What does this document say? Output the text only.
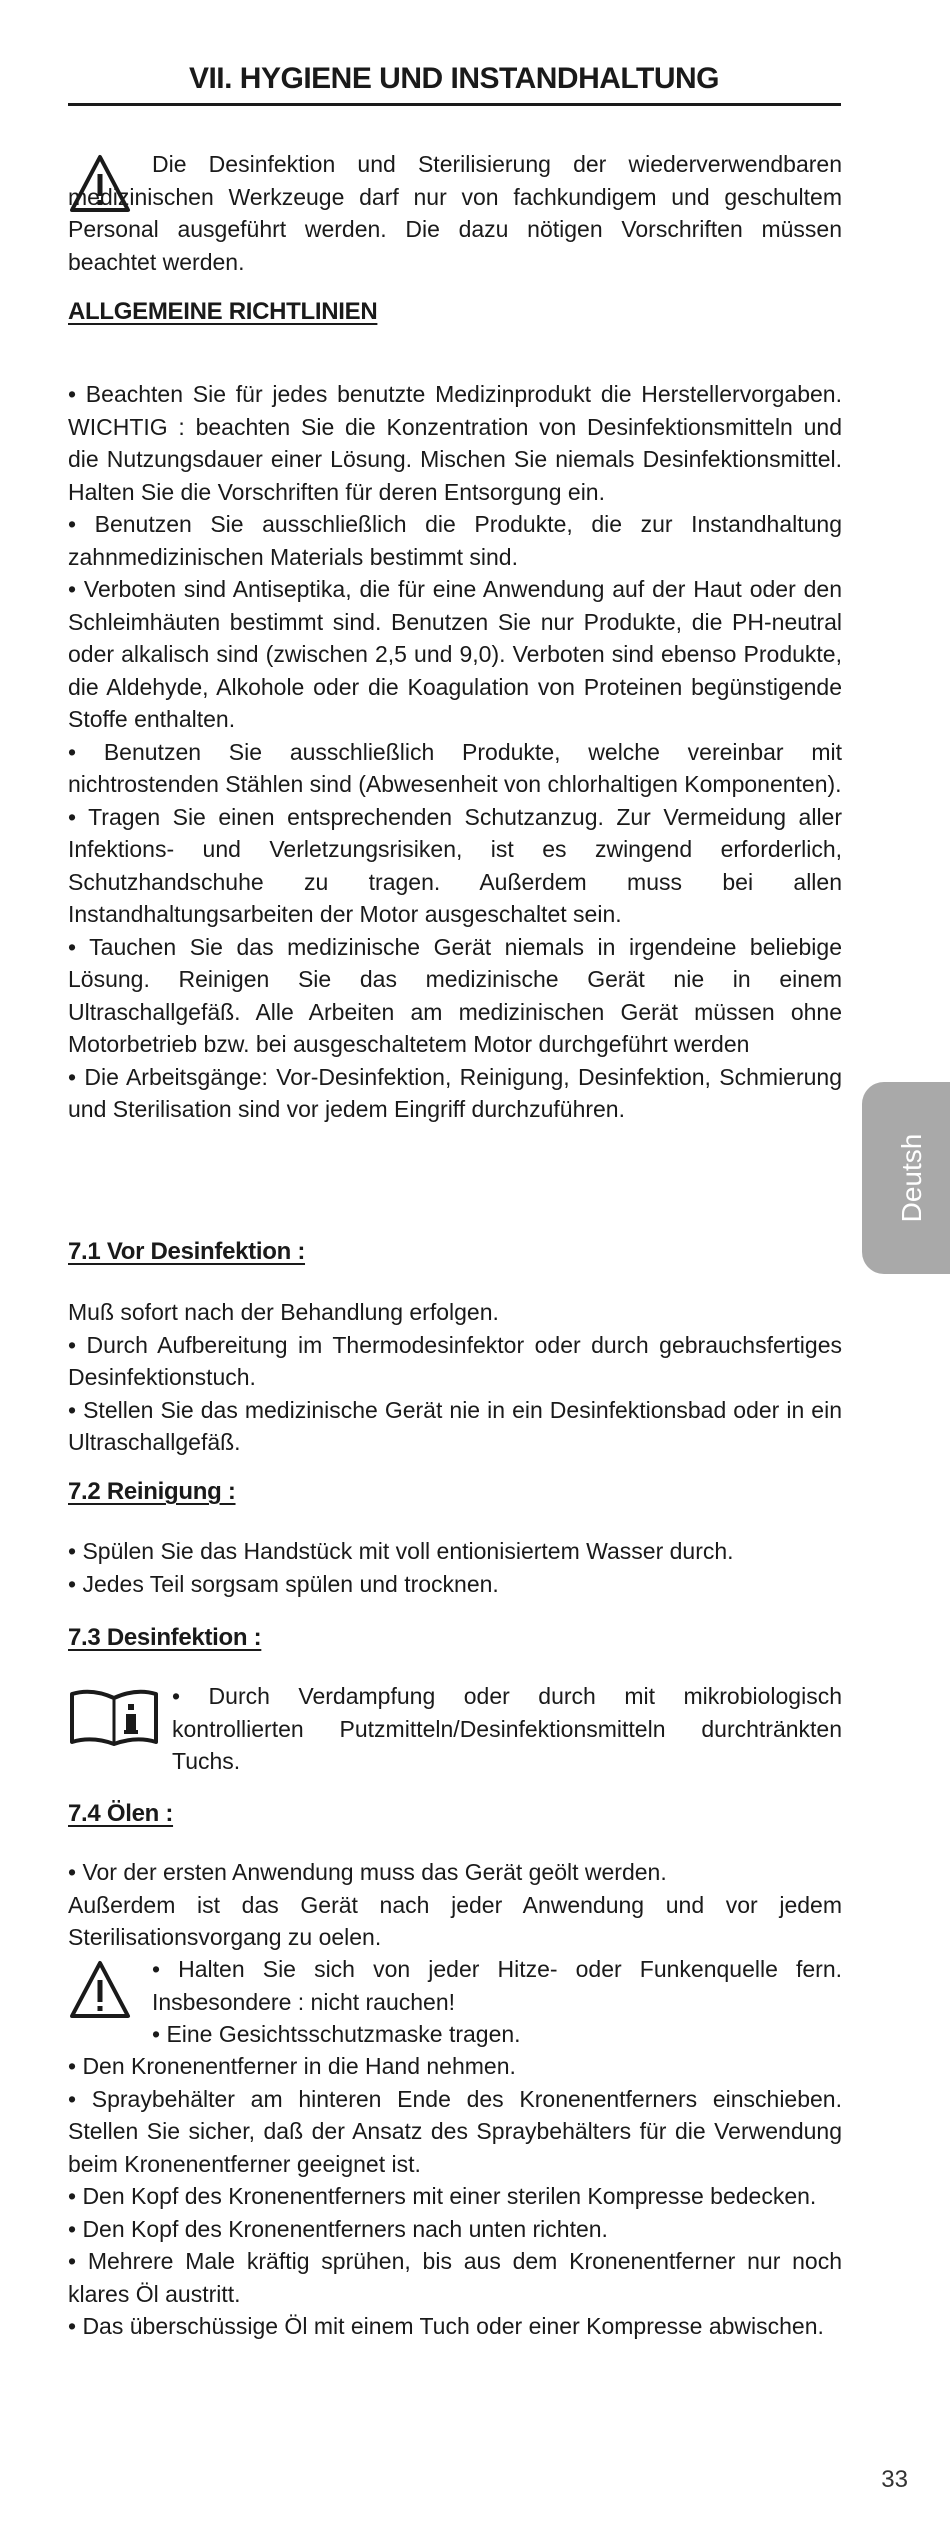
VII. HYGIENE UND INSTANDHALTUNG

Die Desinfektion und Sterilisierung der wiederverwendbaren medizinischen Werkzeuge darf nur von fachkundigem und geschultem Personal ausgeführt werden. Die dazu nötigen Vorschriften müssen beachtet werden.

ALLGEMEINE RICHTLINIEN

• Beachten Sie für jedes benutzte Medizinprodukt die Herstellervorgaben. WICHTIG : beachten Sie die Konzentration von Desinfektionsmitteln und die Nutzungsdauer einer Lösung. Mischen Sie niemals Desinfektionsmittel. Halten Sie die Vorschriften für deren Entsorgung ein.

• Benutzen Sie ausschließlich die Produkte, die zur Instandhaltung zahnmedizinischen Materials bestimmt sind.

• Verboten sind Antiseptika, die für eine Anwendung auf der Haut oder den Schleimhäuten bestimmt sind. Benutzen Sie nur Produkte, die PH-neutral oder alkalisch sind (zwischen 2,5 und 9,0). Verboten sind ebenso Produkte, die Aldehyde, Alkohole oder die Koagulation von Proteinen begünstigende Stoffe enthalten.

• Benutzen Sie ausschließlich Produkte, welche vereinbar mit nichtrostenden Stählen sind (Abwesenheit von chlorhaltigen Komponenten).

• Tragen Sie einen entsprechenden Schutzanzug. Zur Vermeidung aller Infektions- und Verletzungsrisiken, ist es zwingend erforderlich, Schutzhandschuhe zu tragen. Außerdem muss bei allen Instandhaltungsarbeiten der Motor ausgeschaltet sein.

• Tauchen Sie das medizinische Gerät niemals in irgendeine beliebige Lösung. Reinigen Sie das medizinische Gerät nie in einem Ultraschallgefäß. Alle Arbeiten am medizinischen Gerät müssen ohne Motorbetrieb bzw. bei ausgeschaltetem Motor durchgeführt werden

• Die Arbeitsgänge: Vor-Desinfektion, Reinigung, Desinfektion, Schmierung und Sterilisation sind vor jedem Eingriff durchzuführen.

7.1 Vor Desinfektion :

Muß sofort nach der Behandlung erfolgen.

• Durch Aufbereitung im Thermodesinfektor oder durch gebrauchsfertiges Desinfektionstuch.

• Stellen Sie das medizinische Gerät nie in ein Desinfektionsbad oder in ein Ultraschallgefäß.

7.2 Reinigung :

• Spülen Sie das Handstück mit voll entionisiertem Wasser durch.

• Jedes Teil sorgsam spülen und trocknen.

7.3 Desinfektion :

• Durch Verdampfung oder durch mit mikrobiologisch kontrollierten Putzmitteln/Desinfektionsmitteln durchtränkten Tuchs.

7.4 Ölen :

• Vor der ersten Anwendung muss das Gerät geölt werden.

Außerdem ist das Gerät nach jeder Anwendung und vor jedem Sterilisationsvorgang zu oelen.

• Halten Sie sich von jeder Hitze- oder Funkenquelle fern. Insbesondere : nicht rauchen!

• Eine Gesichtsschutzmaske tragen.

• Den Kronenentferner in die Hand nehmen.

• Spraybehälter am hinteren Ende des Kronenentferners einschieben. Stellen Sie sicher, daß der Ansatz des Spraybehälters für die Verwendung beim Kronenentferner geeignet ist.

• Den Kopf des Kronenentferners mit einer sterilen Kompresse bedecken.

• Den Kopf des Kronenentferners nach unten richten.

• Mehrere Male kräftig sprühen, bis aus dem Kronenentferner nur noch klares Öl austritt.

• Das überschüssige Öl mit einem Tuch oder einer Kompresse abwischen.

Deutsh
33
